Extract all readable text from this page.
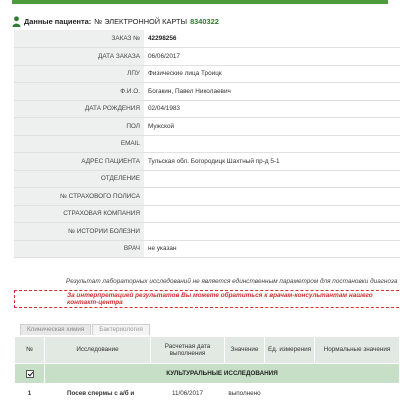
Данные пациента: № ЭЛЕКТРОННОЙ КАРТЫ 8340322
ЗАКАЗ №	42298256
ДАТА ЗАКАЗА	06/06/2017
ЛПУ	Физические лица Троицк
Ф.И.О.	Богакин, Павел Николаевич
ДАТА РОЖДЕНИЯ	02/04/1983
ПОЛ	Мужской
EMAIL	
АДРЕС ПАЦИЕНТА	Тульская обл. Богородицк Шахтный пр-д 5-1
ОТДЕЛЕНИЕ	
№ СТРАХОВОГО ПОЛИСА	
СТРАХОВАЯ КОМПАНИЯ	
№ ИСТОРИИ БОЛЕЗНИ	
ВРАЧ	не указан
Результат лабораторных исследований не является единственным параметром для постановки диагноза
За интерпретацией результатов Вы можете обратиться к врачам-консультантам нашего контакт-центра
Клиническая химия	Бактериология
№	Исследование	Расчетная дата выполнения	Значение	Ед. измерения	Нормальные значения
	КУЛЬТУРАЛЬНЫЕ ИССЛЕДОВАНИЯ				
1	Посев спермы с а/б и	11/06/2017	выполнено		
